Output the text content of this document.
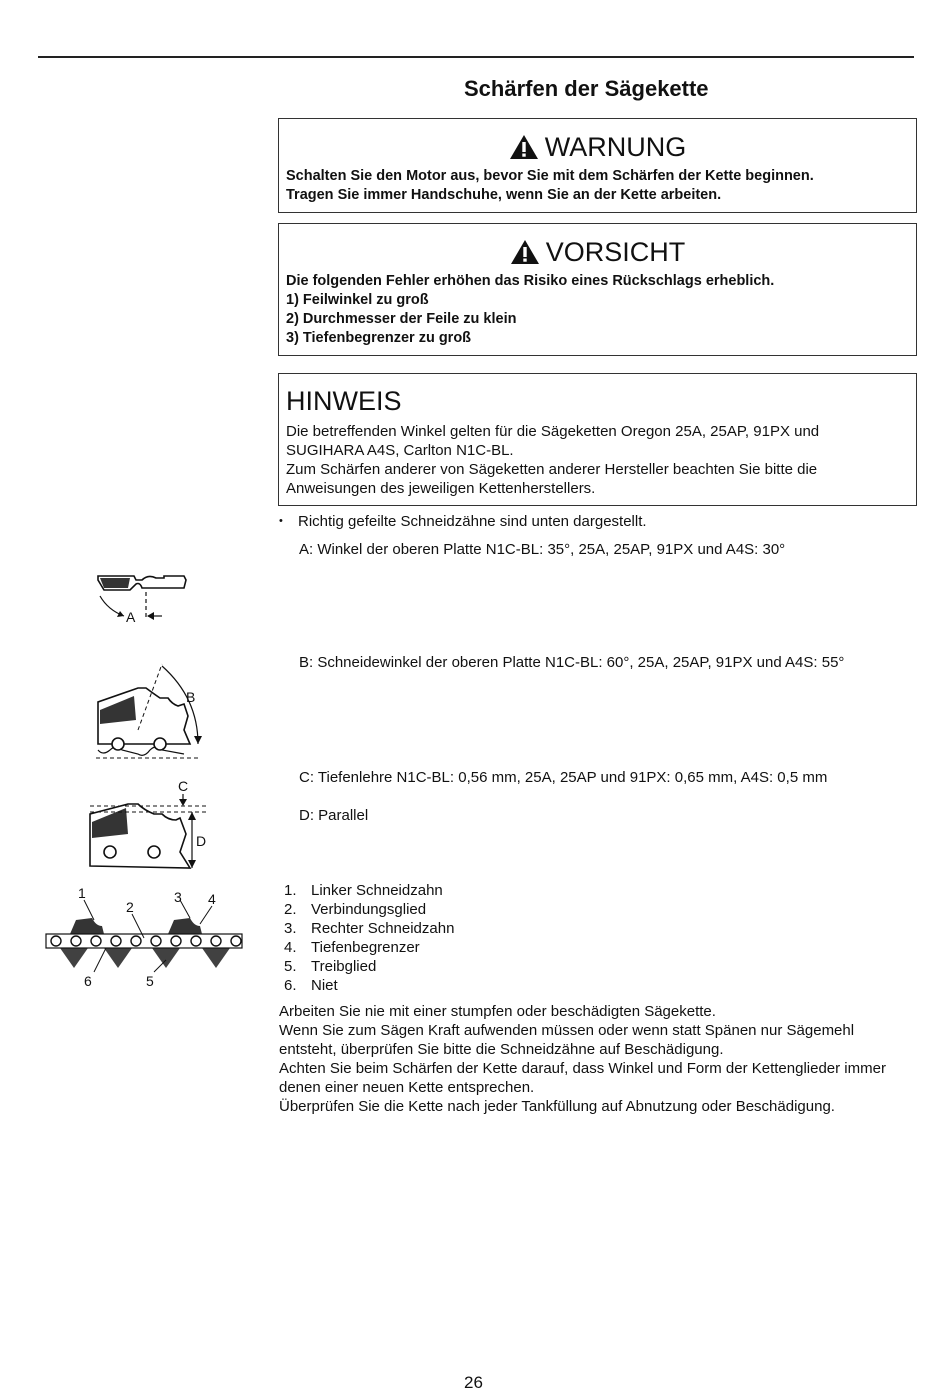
Schärfen der Sägekette
WARNUNG
Schalten Sie den Motor aus, bevor Sie mit dem Schärfen der Kette beginnen.
Tragen Sie immer Handschuhe, wenn Sie an der Kette arbeiten.
VORSICHT
Die folgenden Fehler erhöhen das Risiko eines Rückschlags erheblich.
1) Feilwinkel zu groß
2) Durchmesser der Feile zu klein
3) Tiefenbegrenzer zu groß
HINWEIS
Die betreffenden Winkel gelten für die Sägeketten Oregon 25A, 25AP, 91PX und
SUGIHARA A4S, Carlton N1C-BL.
Zum Schärfen anderer von Sägeketten anderer Hersteller beachten Sie bitte die
Anweisungen des jeweiligen Kettenherstellers.
• Richtig gefeilte Schneidzähne sind unten dargestellt.
A: Winkel der oberen Platte N1C-BL: 35°, 25A, 25AP, 91PX und A4S: 30°
B: Schneidewinkel der oberen Platte N1C-BL: 60°, 25A, 25AP, 91PX und A4S: 55°
C: Tiefenlehre N1C-BL: 0,56 mm, 25A, 25AP und 91PX: 0,65 mm, A4S: 0,5 mm
D: Parallel
A
B
C
D
1
2
3 4
5
6
1. Linker Schneidzahn
2. Verbindungsglied
3. Rechter Schneidzahn
4. Tiefenbegrenzer
5. Treibglied
6. Niet
Arbeiten Sie nie mit einer stumpfen oder beschädigten Sägekette.
Wenn Sie zum Sägen Kraft aufwenden müssen oder wenn statt Spänen nur Sägemehl
entsteht, überprüfen Sie bitte die Schneidzähne auf Beschädigung.
Achten Sie beim Schärfen der Kette darauf, dass Winkel und Form der Kettenglieder immer
denen einer neuen Kette entsprechen.
Überprüfen Sie die Kette nach jeder Tankfüllung auf Abnutzung oder Beschädigung.
26
